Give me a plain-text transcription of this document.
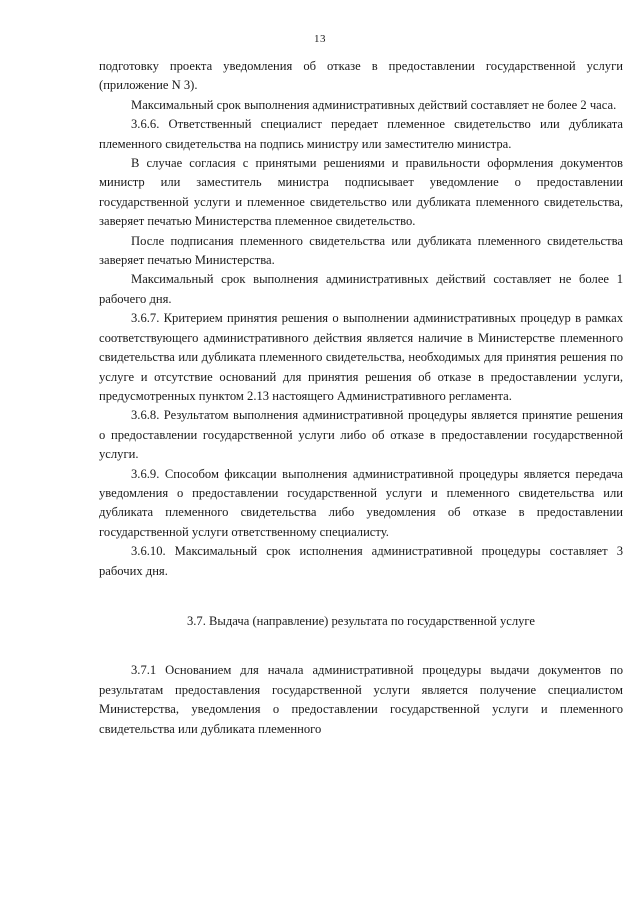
13

подготовку проекта уведомления об отказе в предоставлении государственной услуги (приложение N 3).

Максимальный срок выполнения административных действий составляет не более 2 часа.

3.6.6. Ответственный специалист передает племенное свидетельство или дубликата племенного свидетельства на подпись министру или заместителю министра.

В случае согласия с принятыми решениями и правильности оформления документов министр или заместитель министра подписывает уведомление о предоставлении государственной услуги и племенное свидетельство или дубликата племенного свидетельства, заверяет печатью Министерства племенное свидетельство.

После подписания племенного свидетельства или дубликата племенного свидетельства заверяет печатью Министерства.

Максимальный срок выполнения административных действий составляет не более 1 рабочего дня.

3.6.7. Критерием принятия решения о выполнении административных процедур в рамках соответствующего административного действия является наличие в Министерстве племенного свидетельства или дубликата племенного свидетельства, необходимых для принятия решения по услуге и отсутствие оснований для принятия решения об отказе в предоставлении услуги, предусмотренных пунктом 2.13 настоящего Административного регламента.

3.6.8. Результатом выполнения административной процедуры является принятие решения о предоставлении государственной услуги либо об отказе в предоставлении государственной услуги.

3.6.9. Способом фиксации выполнения административной процедуры является передача уведомления о предоставлении государственной услуги и племенного свидетельства или дубликата племенного свидетельства либо уведомления об отказе в предоставлении государственной услуги ответственному специалисту.

3.6.10. Максимальный срок исполнения административной процедуры составляет 3 рабочих дня.

3.7. Выдача (направление) результата по государственной услуге

3.7.1 Основанием для начала административной процедуры выдачи документов по результатам предоставления государственной услуги является получение специалистом Министерства, уведомления о предоставлении государственной услуги и племенного свидетельства или дубликата племенного
